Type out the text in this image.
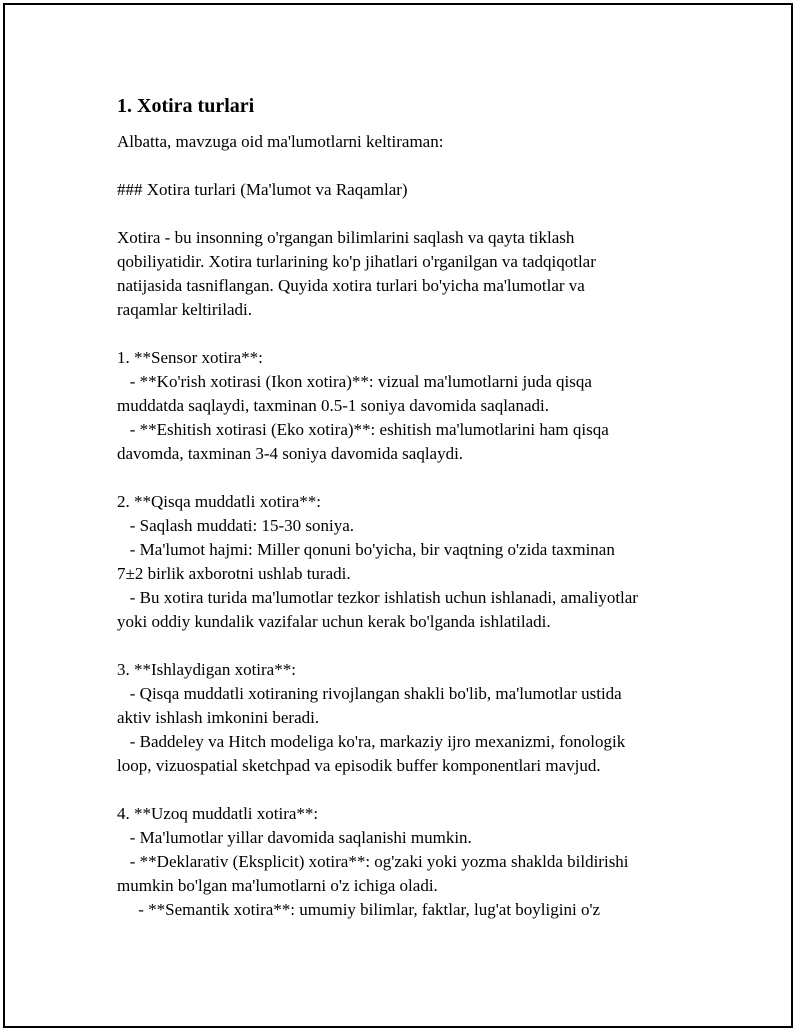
1. Xotira turlari
Albatta, mavzuga oid ma'lumotlarni keltiraman:
### Xotira turlari (Ma'lumot va Raqamlar)
Xotira - bu insonning o'rgangan bilimlarini saqlash va qayta tiklash
qobiliyatidir. Xotira turlarining ko'p jihatlari o'rganilgan va tadqiqotlar
natijasida tasniflangan. Quyida xotira turlari bo'yicha ma'lumotlar va
raqamlar keltiriladi.
1. **Sensor xotira**:
- **Ko'rish xotirasi (Ikon xotira)**: vizual ma'lumotlarni juda qisqa
muddatda saqlaydi, taxminan 0.5-1 soniya davomida saqlanadi.
- **Eshitish xotirasi (Eko xotira)**: eshitish ma'lumotlarini ham qisqa
davomda, taxminan 3-4 soniya davomida saqlaydi.
2. **Qisqa muddatli xotira**:
- Saqlash muddati: 15-30 soniya.
- Ma'lumot hajmi: Miller qonuni bo'yicha, bir vaqtning o'zida taxminan
7±2 birlik axborotni ushlab turadi.
- Bu xotira turida ma'lumotlar tezkor ishlatish uchun ishlanadi, amaliyotlar
yoki oddiy kundalik vazifalar uchun kerak bo'lganda ishlatiladi.
3. **Ishlaydigan xotira**:
- Qisqa muddatli xotiraning rivojlangan shakli bo'lib, ma'lumotlar ustida
aktiv ishlash imkonini beradi.
- Baddeley va Hitch modeliga ko'ra, markaziy ijro mexanizmi, fonologik
loop, vizuospatial sketchpad va episodik buffer komponentlari mavjud.
4. **Uzoq muddatli xotira**:
- Ma'lumotlar yillar davomida saqlanishi mumkin.
- **Deklarativ (Eksplicit) xotira**: og'zaki yoki yozma shaklda bildirishi
mumkin bo'lgan ma'lumotlarni o'z ichiga oladi.
- **Semantik xotira**: umumiy bilimlar, faktlar, lug'at boyligini o'z
